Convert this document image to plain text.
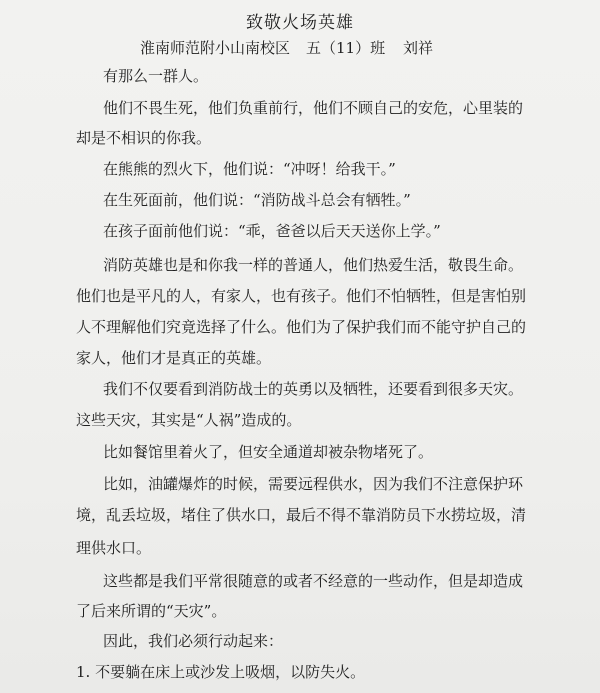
致敬火场英雄
淮南师范附小山南校区 五（11）班 刘祥

有那么一群人。

他们不畏生死，他们负重前行，他们不顾自己的安危，心里装的

却是不相识的你我。

在熊熊的烈火下，他们说：“冲呀！给我干。”

在生死面前，他们说：“消防战斗总会有牺牲。”

在孩子面前他们说：“乖，爸爸以后天天送你上学。”

消防英雄也是和你我一样的普通人，他们热爱生活，敬畏生命。

他们也是平凡的人，有家人，也有孩子。他们不怕牺牲，但是害怕别

人不理解他们究竟选择了什么。他们为了保护我们而不能守护自己的

家人，他们才是真正的英雄。

我们不仅要看到消防战士的英勇以及牺牲，还要看到很多天灾。

这些天灾，其实是“人祸”造成的。

比如餐馆里着火了，但安全通道却被杂物堵死了。

比如，油罐爆炸的时候，需要远程供水，因为我们不注意保护环

境，乱丢垃圾，堵住了供水口，最后不得不靠消防员下水捞垃圾，清

理供水口。

这些都是我们平常很随意的或者不经意的一些动作，但是却造成

了后来所谓的“天灾”。

因此，我们必须行动起来：

1. 不要躺在床上或沙发上吸烟，以防失火。
